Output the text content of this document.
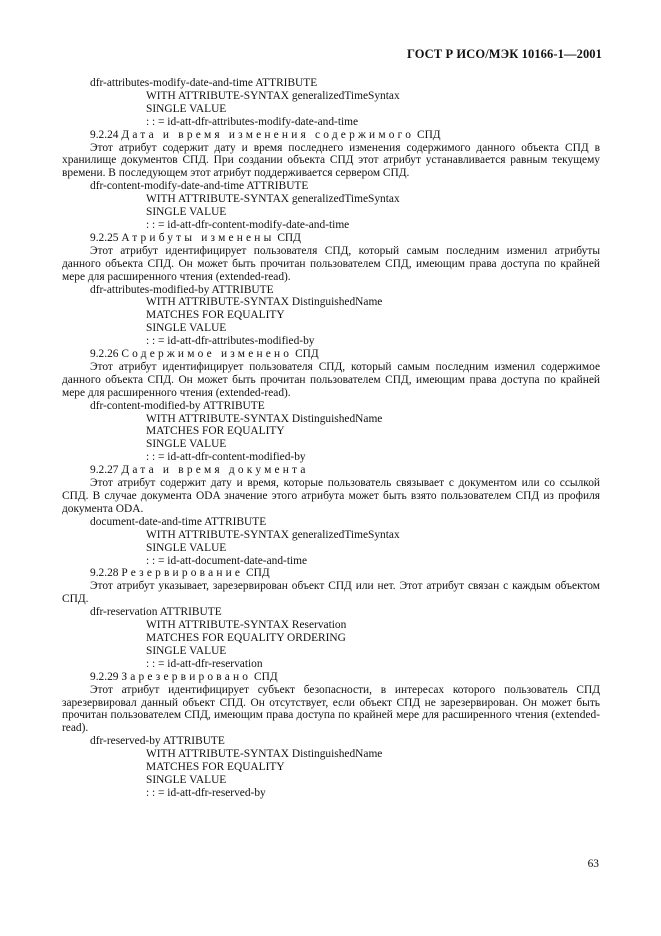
ГОСТ Р ИСО/МЭК 10166-1—2001

dfr-attributes-modify-date-and-time ATTRIBUTE

WITH ATTRIBUTE-SYNTAX generalizedTimeSyntax

SINGLE VALUE

: : = id-att-dfr-attributes-modify-date-and-time

9.2.24 Дата и время изменения содержимого СПД

Этот атрибут содержит дату и время последнего изменения содержимого данного объекта СПД в хранилище документов СПД. При создании объекта СПД этот атрибут устанавливается равным текущему времени. В последующем этот атрибут поддерживается сервером СПД.

dfr-content-modify-date-and-time ATTRIBUTE

WITH ATTRIBUTE-SYNTAX generalizedTimeSyntax

SINGLE VALUE

: : = id-att-dfr-content-modify-date-and-time

9.2.25 Атрибуты изменены СПД

Этот атрибут идентифицирует пользователя СПД, который самым последним изменил атрибуты данного объекта СПД. Он может быть прочитан пользователем СПД, имеющим права доступа по крайней мере для расширенного чтения (extended-read).

dfr-attributes-modified-by ATTRIBUTE

WITH ATTRIBUTE-SYNTAX DistinguishedName

MATCHES FOR EQUALITY

SINGLE VALUE

: : = id-att-dfr-attributes-modified-by

9.2.26 Содержимое изменено СПД

Этот атрибут идентифицирует пользователя СПД, который самым последним изменил содержимое данного объекта СПД. Он может быть прочитан пользователем СПД, имеющим права доступа по крайней мере для расширенного чтения (extended-read).

dfr-content-modified-by ATTRIBUTE

WITH ATTRIBUTE-SYNTAX DistinguishedName

MATCHES FOR EQUALITY

SINGLE VALUE

: : = id-att-dfr-content-modified-by

9.2.27 Дата и время документа

Этот атрибут содержит дату и время, которые пользователь связывает с документом или со ссылкой СПД. В случае документа ODA значение этого атрибута может быть взято пользователем СПД из профиля документа ODA.

document-date-and-time ATTRIBUTE

WITH ATTRIBUTE-SYNTAX generalizedTimeSyntax

SINGLE VALUE

: : = id-att-document-date-and-time

9.2.28 Резервирование СПД

Этот атрибут указывает, зарезервирован объект СПД или нет. Этот атрибут связан с каждым объектом СПД.

dfr-reservation ATTRIBUTE

WITH ATTRIBUTE-SYNTAX Reservation

MATCHES FOR EQUALITY ORDERING

SINGLE VALUE

: : = id-att-dfr-reservation

9.2.29 Зарезервировано СПД

Этот атрибут идентифицирует субъект безопасности, в интересах которого пользователь СПД зарезервировал данный объект СПД. Он отсутствует, если объект СПД не зарезервирован. Он может быть прочитан пользователем СПД, имеющим права доступа по крайней мере для расширенного чтения (extended-read).

dfr-reserved-by ATTRIBUTE

WITH ATTRIBUTE-SYNTAX DistinguishedName

MATCHES FOR EQUALITY

SINGLE VALUE

: : = id-att-dfr-reserved-by

63
